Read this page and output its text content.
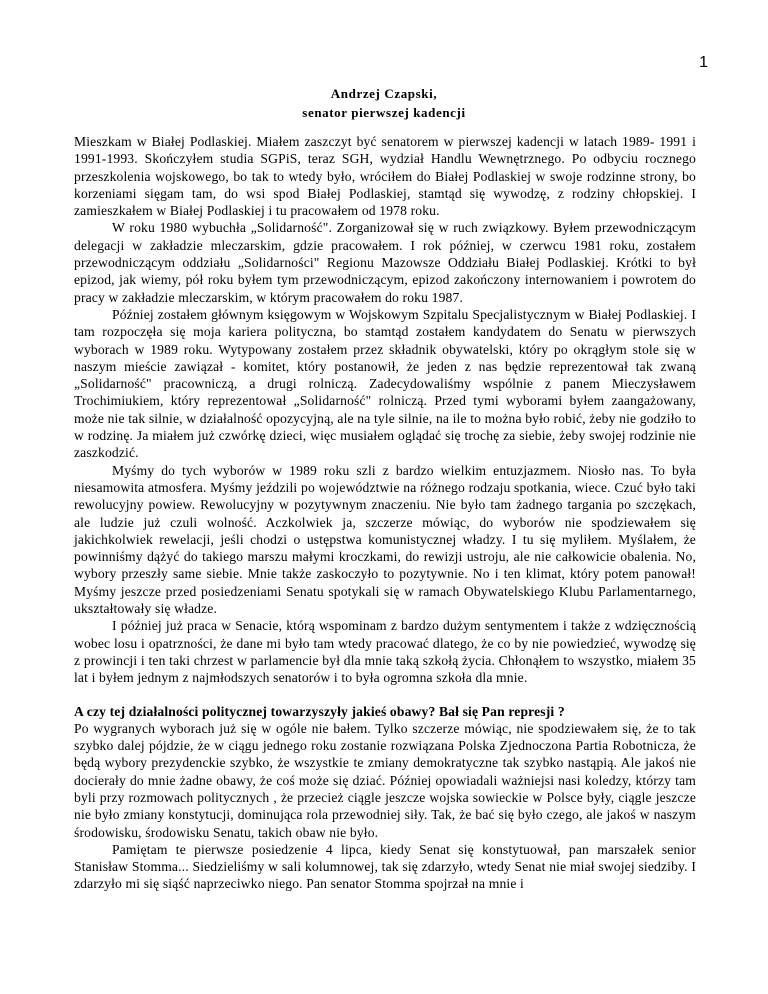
1
Andrzej Czapski,
senator pierwszej kadencji

Mieszkam w Białej Podlaskiej. Miałem zaszczyt być senatorem w pierwszej kadencji w latach 1989- 1991 i 1991-1993. Skończyłem studia SGPiS, teraz SGH, wydział Handlu Wewnętrznego. Po odbyciu rocznego przeszkolenia wojskowego, bo tak to wtedy było, wróciłem do Białej Podlaskiej w swoje rodzinne strony, bo korzeniami sięgam tam, do wsi spod Białej Podlaskiej, stamtąd się wywodzę, z rodziny chłopskiej. I zamieszkałem w Białej Podlaskiej i tu pracowałem od 1978 roku.

W roku 1980 wybuchła „Solidarność". Zorganizował się w ruch związkowy. Byłem przewodniczącym delegacji w zakładzie mleczarskim, gdzie pracowałem. I rok później, w czerwcu 1981 roku, zostałem przewodniczącym oddziału „Solidarności" Regionu Mazowsze Oddziału Białej Podlaskiej. Krótki to był epizod, jak wiemy, pół roku byłem tym przewodniczącym, epizod zakończony internowaniem i powrotem do pracy w zakładzie mleczarskim, w którym pracowałem do roku 1987.

Później zostałem głównym księgowym w Wojskowym Szpitalu Specjalistycznym w Białej Podlaskiej. I tam rozpoczęła się moja kariera polityczna, bo stamtąd zostałem kandydatem do Senatu w pierwszych wyborach w 1989 roku. Wytypowany zostałem przez składnik obywatelski, który po okrągłym stole się w naszym mieście zawiązał - komitet, który postanowił, że jeden z nas będzie reprezentował tak zwaną „Solidarność" pracowniczą, a drugi rolniczą. Zadecydowaliśmy wspólnie z panem Mieczysławem Trochimiukiem, który reprezentował „Solidarność" rolniczą. Przed tymi wyborami byłem zaangażowany, może nie tak silnie, w działalność opozycyjną, ale na tyle silnie, na ile to można było robić, żeby nie godziło to w rodzinę. Ja miałem już czwórkę dzieci, więc musiałem oglądać się trochę za siebie, żeby swojej rodzinie nie zaszkodzić.

Myśmy do tych wyborów w 1989 roku szli z bardzo wielkim entuzjazmem. Niosło nas. To była niesamowita atmosfera. Myśmy jeździli po województwie na różnego rodzaju spotkania, wiece. Czuć było taki rewolucyjny powiew. Rewolucyjny w pozytywnym znaczeniu. Nie było tam żadnego targania po szczękach, ale ludzie już czuli wolność. Aczkolwiek ja, szczerze mówiąc, do wyborów nie spodziewałem się jakichkolwiek rewelacji, jeśli chodzi o ustępstwa komunistycznej władzy. I tu się myliłem. Myślałem, że powinniśmy dążyć do takiego marszu małymi kroczkami, do rewizji ustroju, ale nie całkowicie obalenia. No, wybory przeszły same siebie. Mnie także zaskoczyło to pozytywnie. No i ten klimat, który potem panował! Myśmy jeszcze przed posiedzeniami Senatu spotykali się w ramach Obywatelskiego Klubu Parlamentarnego, ukształtowały się władze.

I później już praca w Senacie, którą wspominam z bardzo dużym sentymentem i także z wdzięcznością wobec losu i opatrzności, że dane mi było tam wtedy pracować dlatego, że co by nie powiedzieć, wywodzę się z prowincji i ten taki chrzest w parlamencie był dla mnie taką szkołą życia. Chłonąłem to wszystko, miałem 35 lat i byłem jednym z najmłodszych senatorów i to była ogromna szkoła dla mnie.

A czy tej działalności politycznej towarzyszyły jakieś obawy? Bał się Pan represji ?

Po wygranych wyborach już się w ogóle nie bałem. Tylko szczerze mówiąc, nie spodziewałem się, że to tak szybko dalej pójdzie, że w ciągu jednego roku zostanie rozwiązana Polska Zjednoczona Partia Robotnicza, że będą wybory prezydenckie szybko, że wszystkie te zmiany demokratyczne tak szybko nastąpią. Ale jakoś nie docierały do mnie żadne obawy, że coś może się dziać. Później opowiadali ważniejsi nasi koledzy, którzy tam byli przy rozmowach politycznych , że przecież ciągle jeszcze wojska sowieckie w Polsce były, ciągle jeszcze nie było zmiany konstytucji, dominująca rola przewodniej siły. Tak, że bać się było czego, ale jakoś w naszym środowisku, środowisku Senatu, takich obaw nie było.

Pamiętam te pierwsze posiedzenie 4 lipca, kiedy Senat się konstytuował, pan marszałek senior Stanisław Stomma... Siedzieliśmy w sali kolumnowej, tak się zdarzyło, wtedy Senat nie miał swojej siedziby. I zdarzyło mi się siąść naprzeciwko niego. Pan senator Stomma spojrzał na mnie i
